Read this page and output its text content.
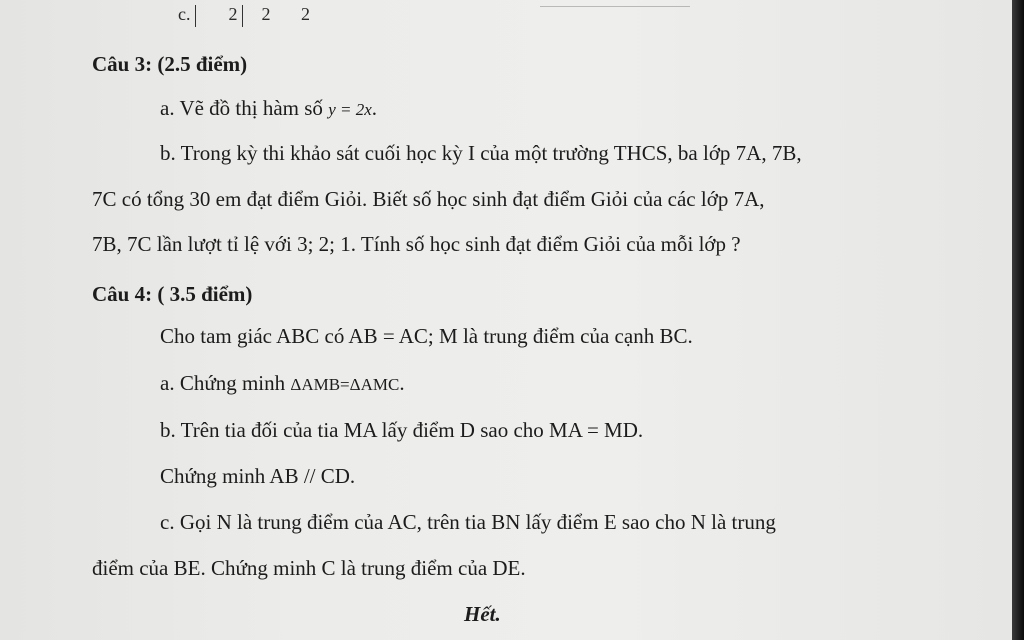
c. 2 2 2
Câu 3: (2.5 điểm)
a. Vẽ đồ thị hàm số y = 2x.
b. Trong kỳ thi khảo sát cuối học kỳ I của một trường THCS, ba lớp 7A, 7B,
7C có tổng 30 em đạt điểm Giỏi. Biết số học sinh đạt điểm Giỏi của các lớp 7A,
7B, 7C lần lượt tỉ lệ với 3; 2; 1. Tính số học sinh đạt điểm Giỏi của mỗi lớp ?
Câu 4: ( 3.5 điểm)
Cho tam giác ABC có AB = AC; M là trung điểm của cạnh BC.
a. Chứng minh ΔAMB=ΔAMC.
b. Trên tia đối của tia MA lấy điểm D sao cho MA = MD.
Chứng minh AB // CD.
c. Gọi N là trung điểm của AC, trên tia BN lấy điểm E sao cho N là trung
điểm của BE. Chứng minh C là trung điểm của DE.
Hết.
